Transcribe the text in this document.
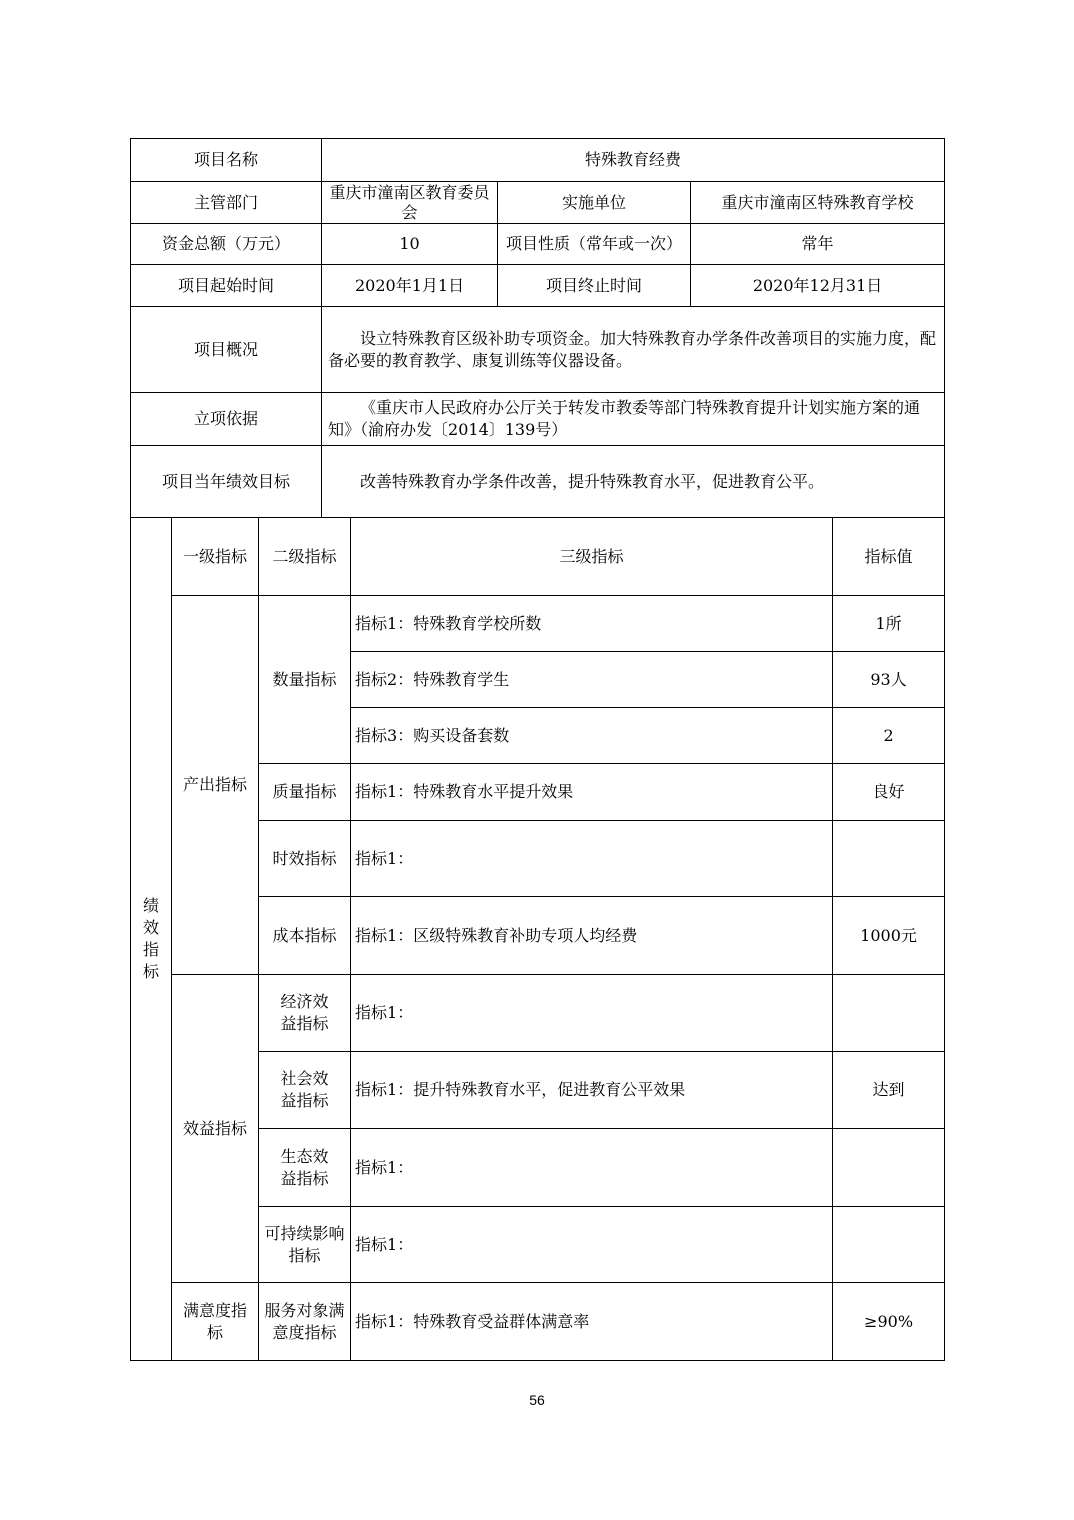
项目名称			特殊教育经费				
主管部门			重庆市潼南区教育委员会		实施单位	重庆市潼南区特殊教育学校	
资金总额（万元）			10		项目性质（常年或一次）	常年	
项目起始时间			2020年1月1日		项目终止时间	2020年12月31日	
项目概况			设立特殊教育区级补助专项资金。加大特殊教育办学条件改善项目的实施力度，配备必要的教育教学、康复训练等仪器设备。				
立项依据			《重庆市人民政府办公厅关于转发市教委等部门特殊教育提升计划实施方案的通知》（渝府办发〔2014〕139号）				
项目当年绩效目标			改善特殊教育办学条件改善，提升特殊教育水平，促进教育公平。				
绩效指标	一级指标	二级指标		三级指标			指标值
	产出指标	数量指标		指标1：特殊教育学校所数			1所
				指标2：特殊教育学生			93人
				指标3：购买设备套数			2
		质量指标		指标1：特殊教育水平提升效果			良好
		时效指标		指标1：			
		成本指标		指标1：区级特殊教育补助专项人均经费			1000元
	效益指标	经济效益指标		指标1：			
		社会效益指标		指标1：提升特殊教育水平，促进教育公平效果			达到
		生态效益指标		指标1：			
		可持续影响指标		指标1：			
	满意度指标	服务对象满意度指标		指标1：特殊教育受益群体满意率			≥90%
56
